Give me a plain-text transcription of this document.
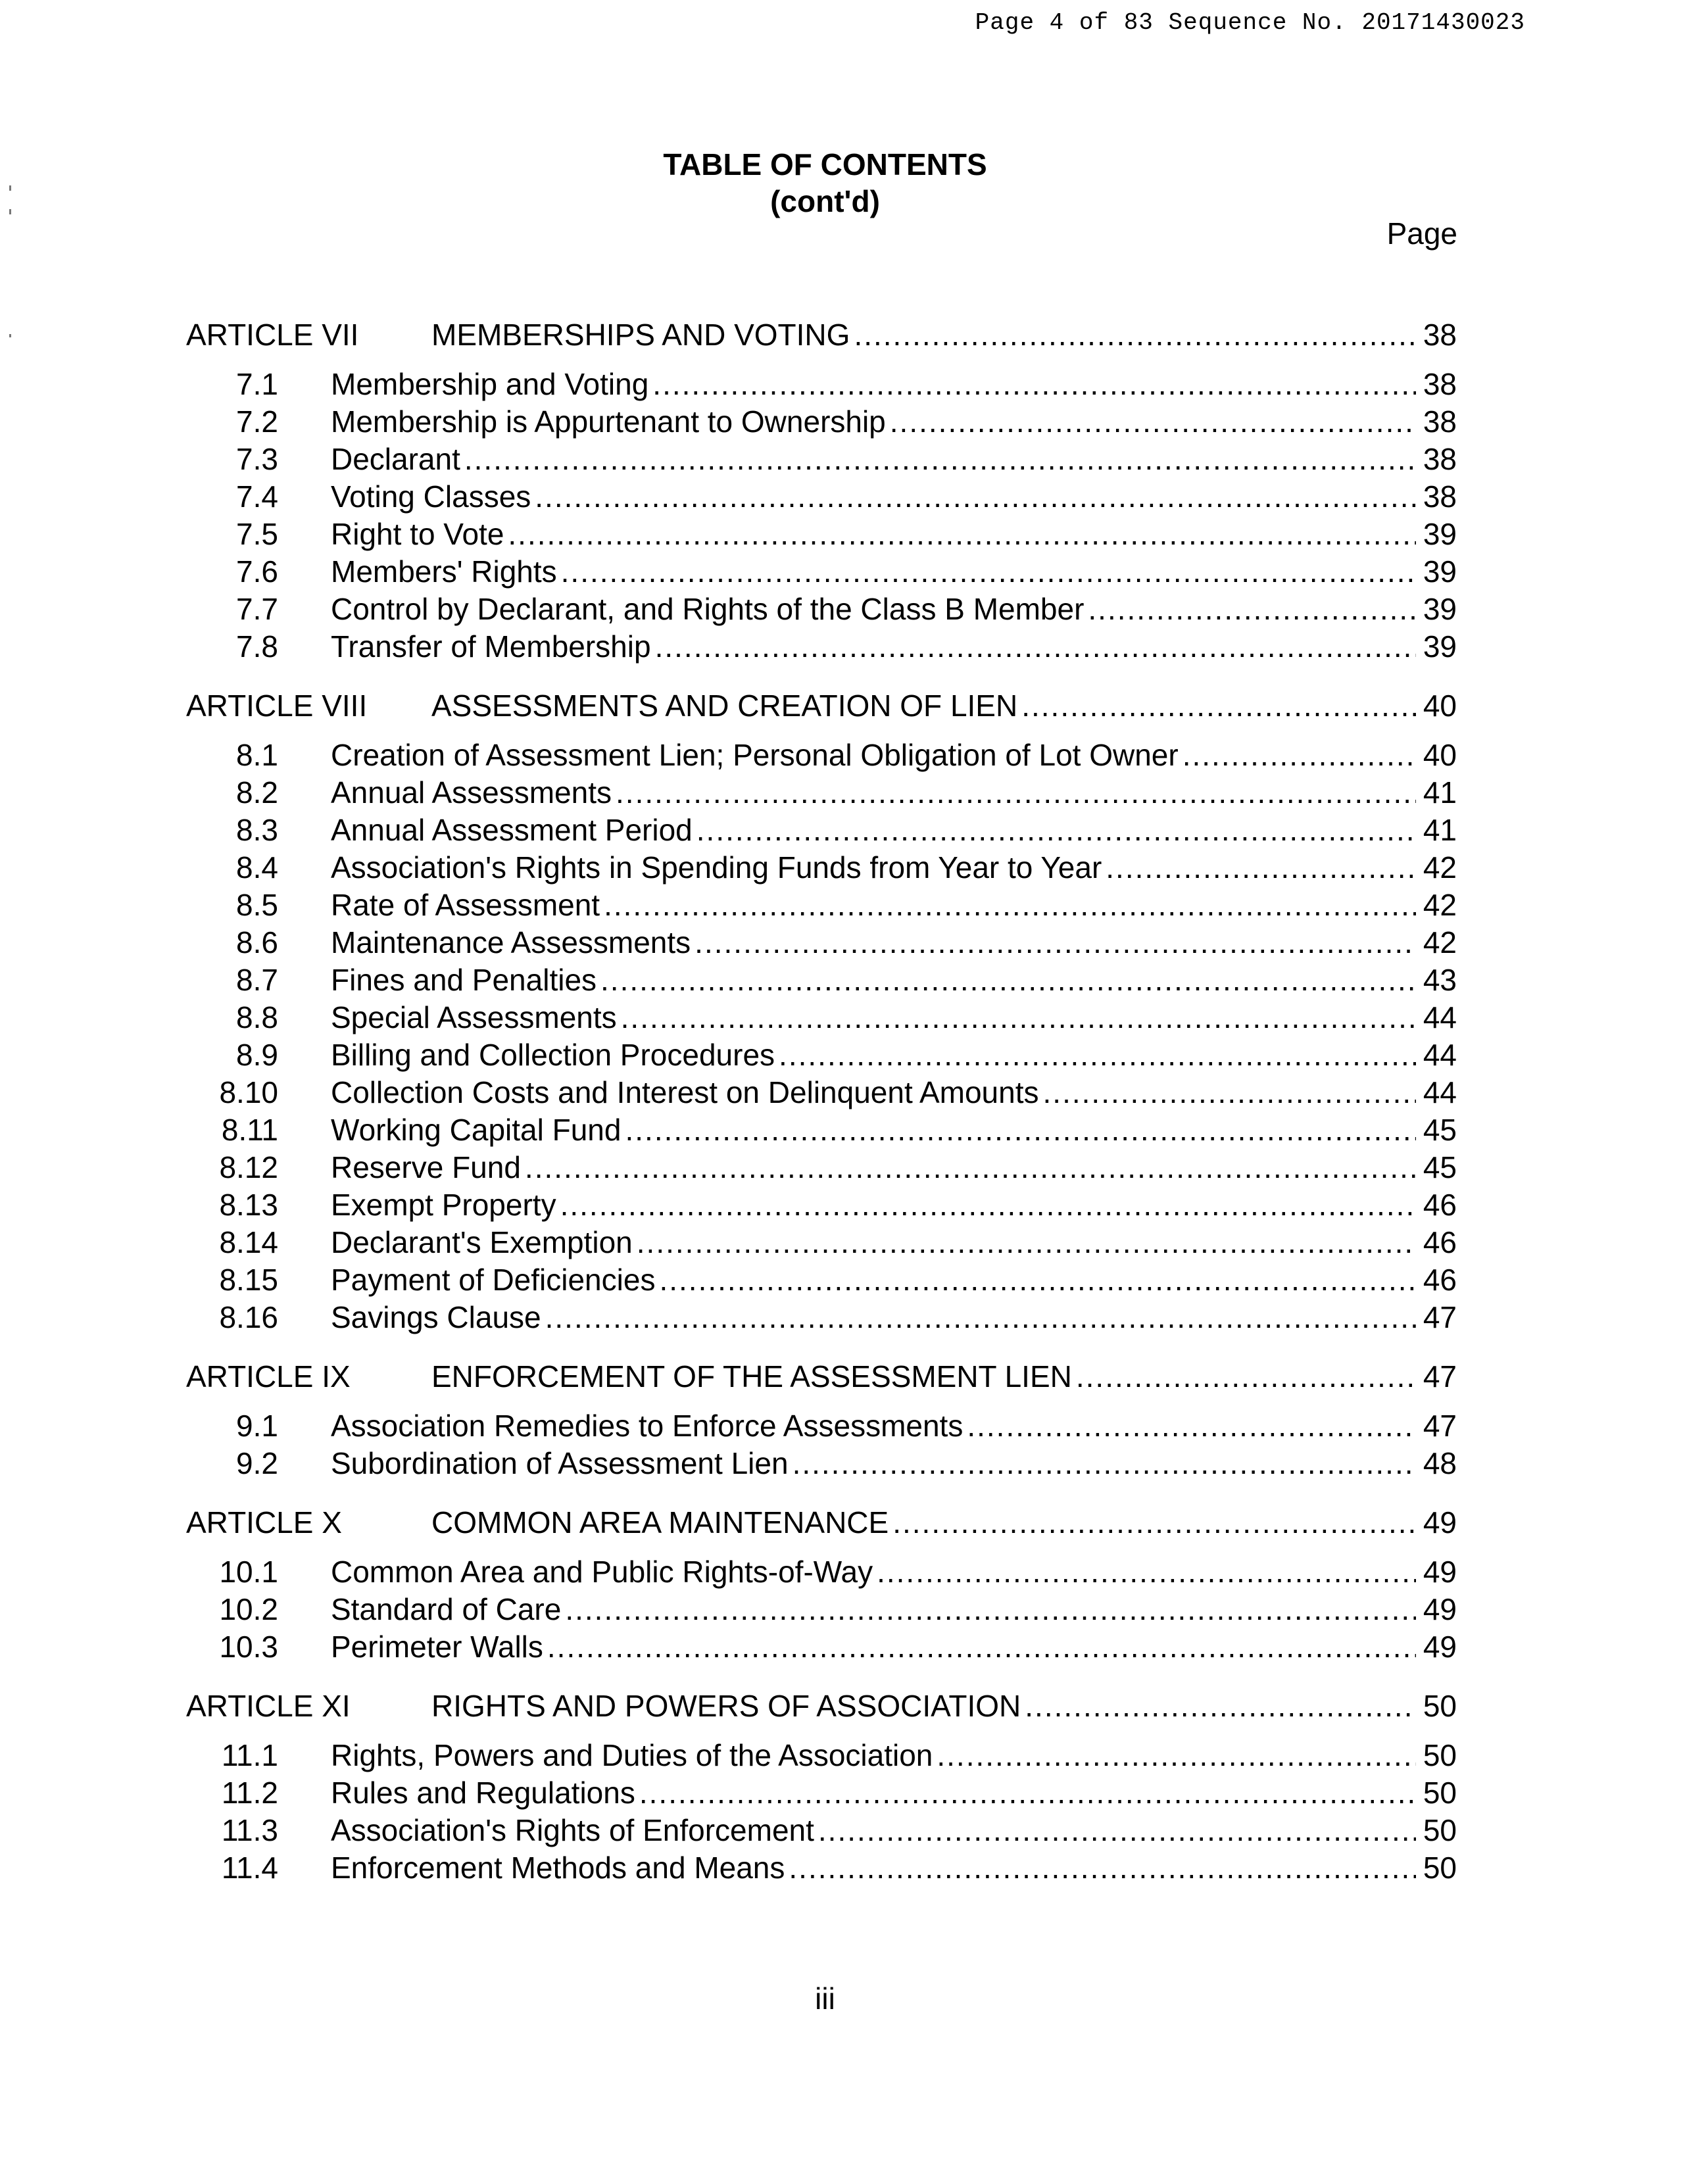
Page 4 of 83 Sequence No. 20171430023
TABLE OF CONTENTS
(cont'd)
Page
ARTICLE VII	MEMBERSHIPS AND VOTING .....	38
7.1	Membership and Voting .....	38
7.2	Membership is Appurtenant to Ownership .....	38
7.3	Declarant .....	38
7.4	Voting Classes .....	38
7.5	Right to Vote .....	39
7.6	Members' Rights .....	39
7.7	Control by Declarant, and Rights of the Class B Member .....	39
7.8	Transfer of Membership .....	39
ARTICLE VIII	ASSESSMENTS AND CREATION OF LIEN .....	40
8.1	Creation of Assessment Lien; Personal Obligation of Lot Owner .....	40
8.2	Annual Assessments .....	41
8.3	Annual Assessment Period .....	41
8.4	Association's Rights in Spending Funds from Year to Year .....	42
8.5	Rate of Assessment .....	42
8.6	Maintenance Assessments .....	42
8.7	Fines and Penalties .....	43
8.8	Special Assessments .....	44
8.9	Billing and Collection Procedures .....	44
8.10	Collection Costs and Interest on Delinquent Amounts .....	44
8.11	Working Capital Fund .....	45
8.12	Reserve Fund .....	45
8.13	Exempt Property .....	46
8.14	Declarant's Exemption .....	46
8.15	Payment of Deficiencies .....	46
8.16	Savings Clause .....	47
ARTICLE IX	ENFORCEMENT OF THE ASSESSMENT LIEN .....	47
9.1	Association Remedies to Enforce Assessments .....	47
9.2	Subordination of Assessment Lien .....	48
ARTICLE X	COMMON AREA MAINTENANCE .....	49
10.1	Common Area and Public Rights-of-Way .....	49
10.2	Standard of Care .....	49
10.3	Perimeter Walls .....	49
ARTICLE XI	RIGHTS AND POWERS OF ASSOCIATION .....	50
11.1	Rights, Powers and Duties of the Association .....	50
11.2	Rules and Regulations .....	50
11.3	Association's Rights of Enforcement .....	50
11.4	Enforcement Methods and Means .....	50
iii
